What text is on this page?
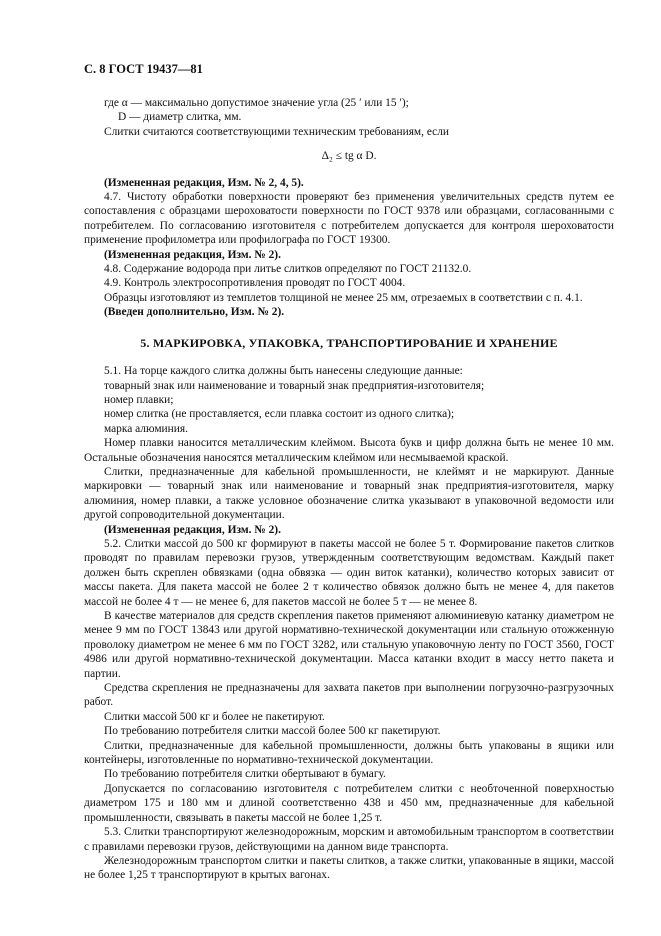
С. 8 ГОСТ 19437—81

где α — максимально допустимое значение угла (25 ′ или 15 ′);

D — диаметр слитка, мм.

Слитки считаются соответствующими техническим требованиям, если

Δ₂ ≤ tg α D.

(Измененная редакция, Изм. № 2, 4, 5).

4.7. Чистоту обработки поверхности проверяют без применения увеличительных средств путем ее сопоставления с образцами шероховатости поверхности по ГОСТ 9378 или образцами, согласованными с потребителем. По согласованию изготовителя с потребителем допускается для контроля шероховатости применение профилометра или профилографа по ГОСТ 19300.

(Измененная редакция, Изм. № 2).

4.8. Содержание водорода при литье слитков определяют по ГОСТ 21132.0.

4.9. Контроль электросопротивления проводят по ГОСТ 4004.

Образцы изготовляют из темплетов толщиной не менее 25 мм, отрезаемых в соответствии с п. 4.1.

(Введен дополнительно, Изм. № 2).

5. МАРКИРОВКА, УПАКОВКА, ТРАНСПОРТИРОВАНИЕ И ХРАНЕНИЕ

5.1. На торце каждого слитка должны быть нанесены следующие данные:

товарный знак или наименование и товарный знак предприятия-изготовителя;

номер плавки;

номер слитка (не проставляется, если плавка состоит из одного слитка);

марка алюминия.

Номер плавки наносится металлическим клеймом. Высота букв и цифр должна быть не менее 10 мм. Остальные обозначения наносятся металлическим клеймом или несмываемой краской.

Слитки, предназначенные для кабельной промышленности, не клеймят и не маркируют. Данные маркировки — товарный знак или наименование и товарный знак предприятия-изготовителя, марку алюминия, номер плавки, а также условное обозначение слитка указывают в упаковочной ведомости или другой сопроводительной документации.

(Измененная редакция, Изм. № 2).

5.2. Слитки массой до 500 кг формируют в пакеты массой не более 5 т. Формирование пакетов слитков проводят по правилам перевозки грузов, утвержденным соответствующим ведомствам. Каждый пакет должен быть скреплен обвязками (одна обвязка — один виток катанки), количество которых зависит от массы пакета. Для пакета массой не более 2 т количество обвязок должно быть не менее 4, для пакетов массой не более 4 т — не менее 6, для пакетов массой не более 5 т — не менее 8.

В качестве материалов для средств скрепления пакетов применяют алюминиевую катанку диаметром не менее 9 мм по ГОСТ 13843 или другой нормативно-технической документации или стальную отожженную проволоку диаметром не менее 6 мм по ГОСТ 3282, или стальную упаковочную ленту по ГОСТ 3560, ГОСТ 4986 или другой нормативно-технической документации. Масса катанки входит в массу нетто пакета и партии.

Средства скрепления не предназначены для захвата пакетов при выполнении погрузочно-разгрузочных работ.

Слитки массой 500 кг и более не пакетируют.

По требованию потребителя слитки массой более 500 кг пакетируют.

Слитки, предназначенные для кабельной промышленности, должны быть упакованы в ящики или контейнеры, изготовленные по нормативно-технической документации.

По требованию потребителя слитки обертывают в бумагу.

Допускается по согласованию изготовителя с потребителем слитки с необточенной поверхностью диаметром 175 и 180 мм и длиной соответственно 438 и 450 мм, предназначенные для кабельной промышленности, связывать в пакеты массой не более 1,25 т.

5.3. Слитки транспортируют железнодорожным, морским и автомобильным транспортом в соответствии с правилами перевозки грузов, действующими на данном виде транспорта.

Железнодорожным транспортом слитки и пакеты слитков, а также слитки, упакованные в ящики, массой не более 1,25 т транспортируют в крытых вагонах.
